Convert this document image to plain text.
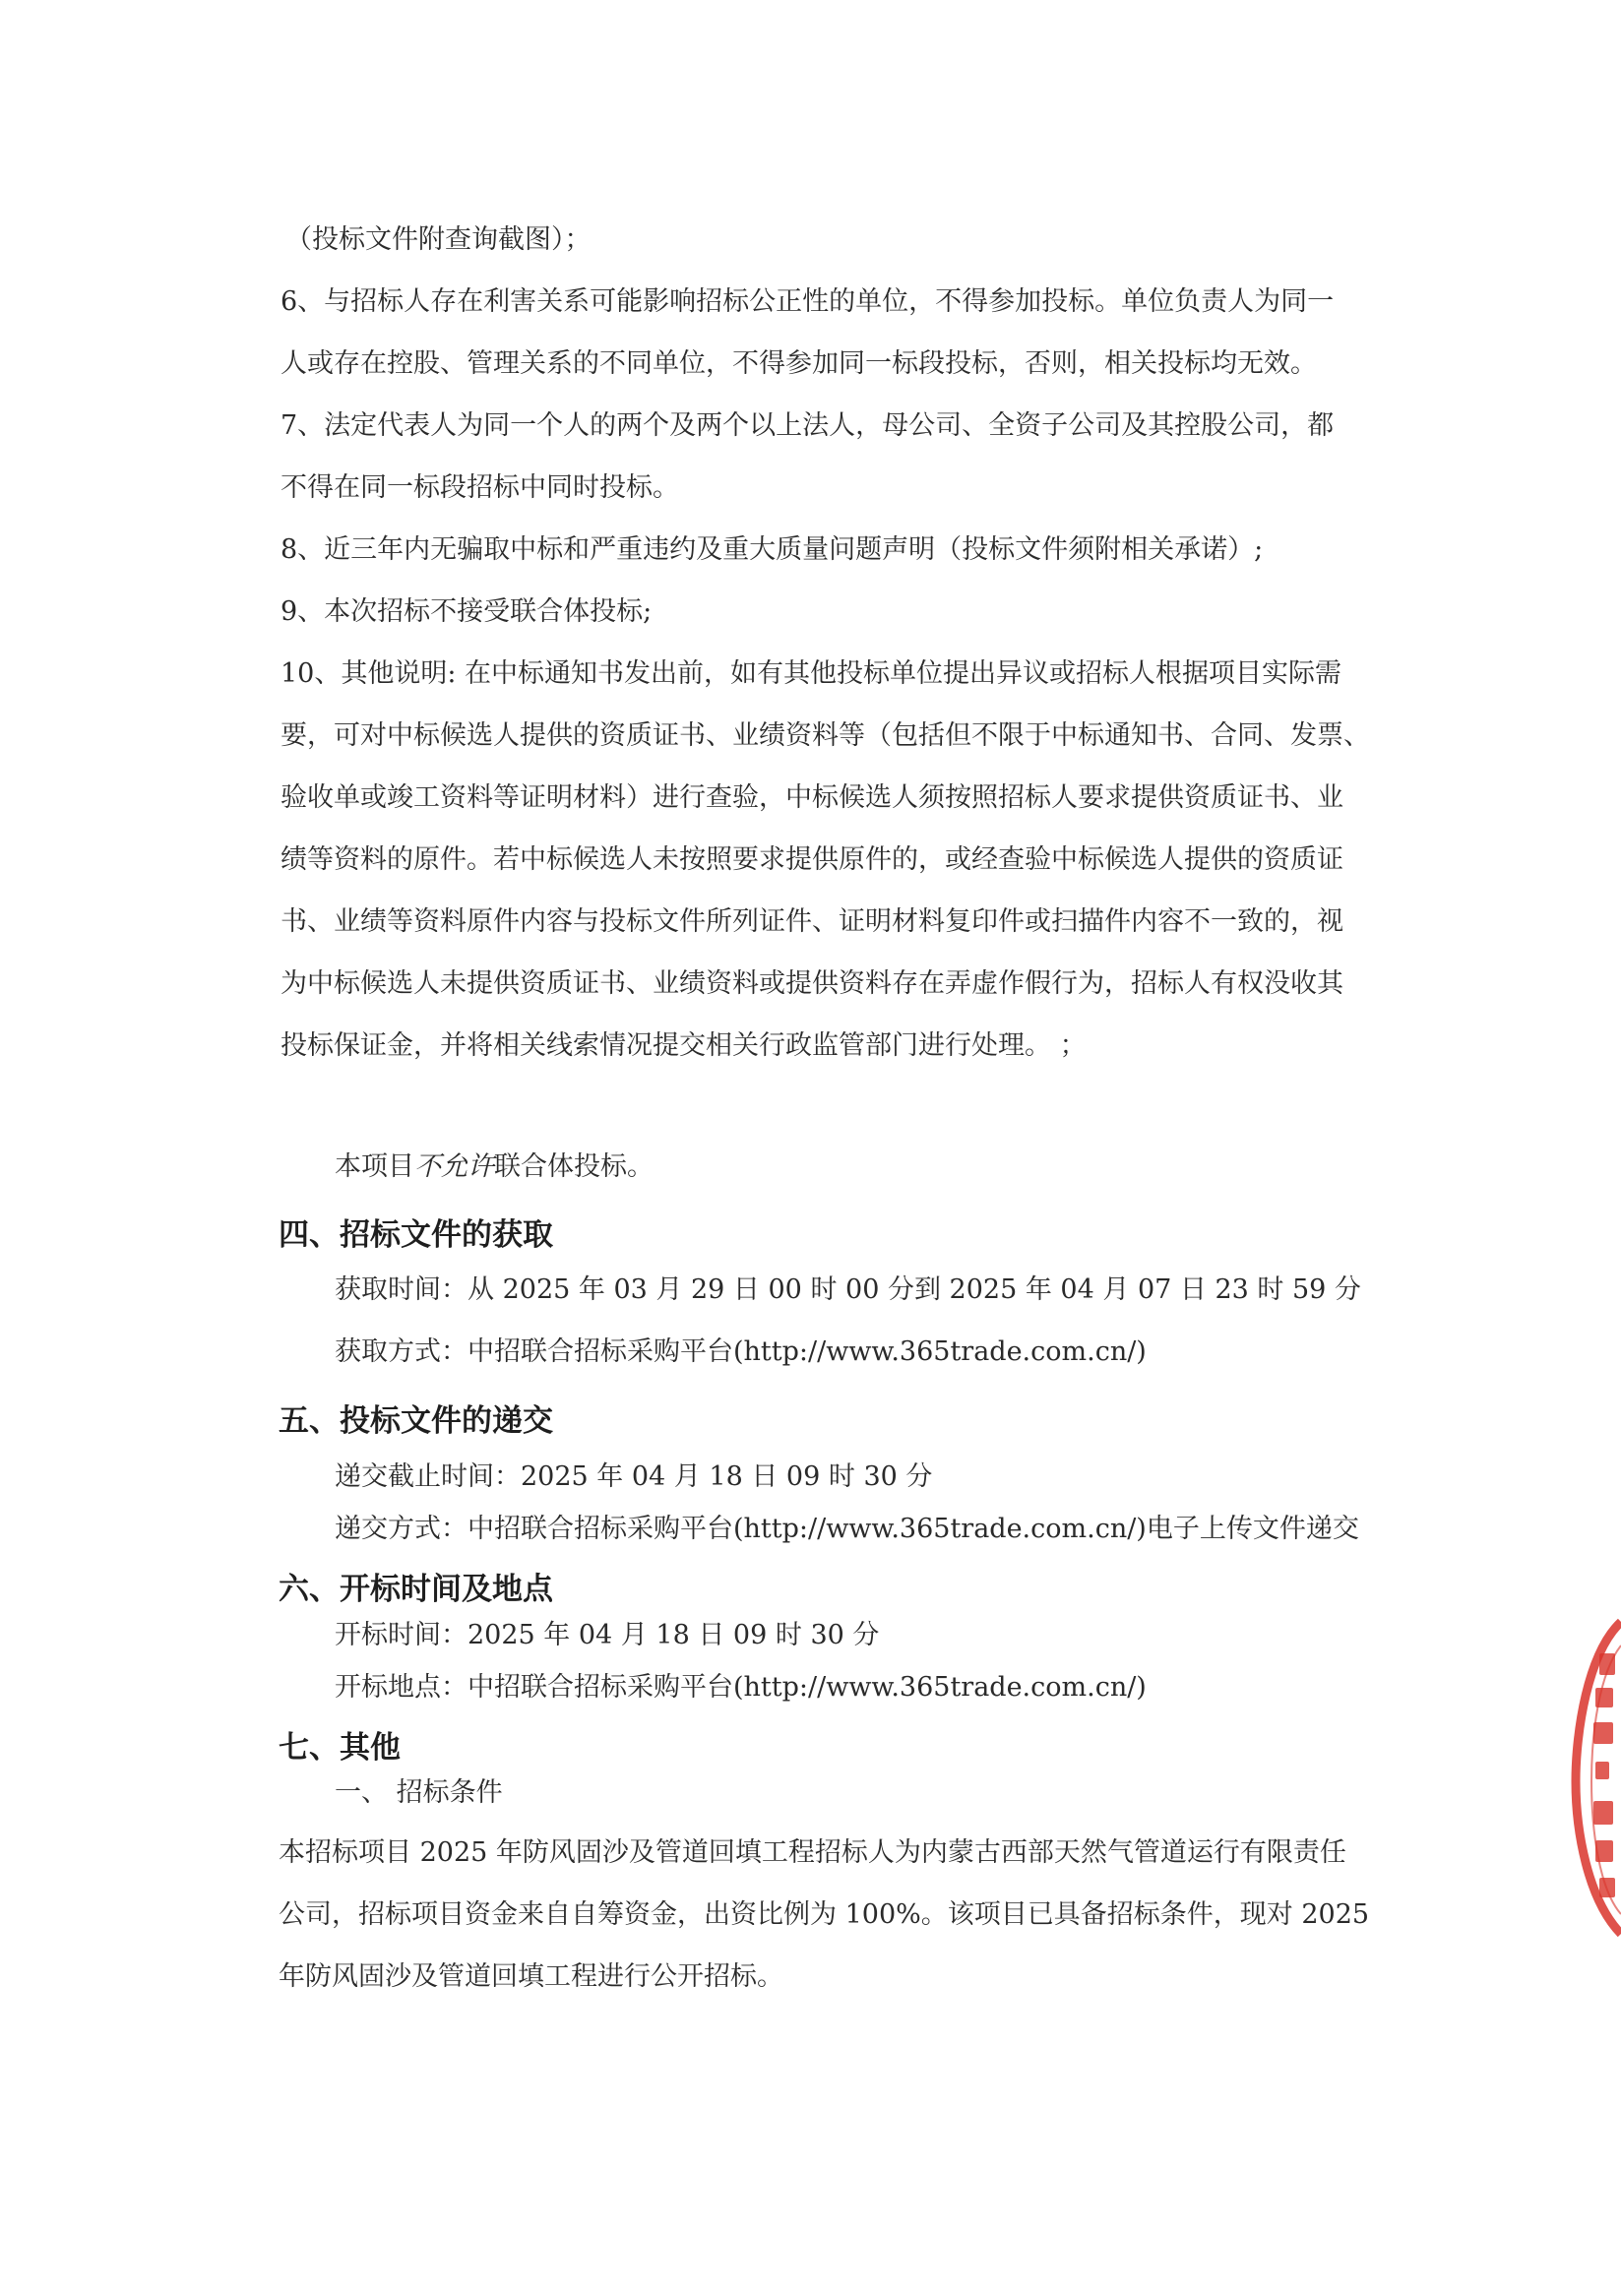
（投标文件附查询截图）；
6、与招标人存在利害关系可能影响招标公正性的单位，不得参加投标。单位负责人为同一
人或存在控股、管理关系的不同单位，不得参加同一标段投标，否则，相关投标均无效。
7、法定代表人为同一个人的两个及两个以上法人，母公司、全资子公司及其控股公司，都
不得在同一标段招标中同时投标。
8、近三年内无骗取中标和严重违约及重大质量问题声明（投标文件须附相关承诺）;
9、本次招标不接受联合体投标;
10、其他说明: 在中标通知书发出前，如有其他投标单位提出异议或招标人根据项目实际需
要，可对中标候选人提供的资质证书、业绩资料等（包括但不限于中标通知书、合同、发票、
验收单或竣工资料等证明材料）进行查验，中标候选人须按照招标人要求提供资质证书、业
绩等资料的原件。若中标候选人未按照要求提供原件的，或经查验中标候选人提供的资质证
书、业绩等资料原件内容与投标文件所列证件、证明材料复印件或扫描件内容不一致的，视
为中标候选人未提供资质证书、业绩资料或提供资料存在弄虚作假行为，招标人有权没收其
投标保证金，并将相关线索情况提交相关行政监管部门进行处理。 ；
本项目不允许联合体投标。
四、招标文件的获取
获取时间：从 2025 年 03 月 29 日 00 时 00 分到 2025 年 04 月 07 日 23 时 59 分
获取方式：中招联合招标采购平台(http://www.365trade.com.cn/)
五、投标文件的递交
递交截止时间：2025 年 04 月 18 日 09 时 30 分
递交方式：中招联合招标采购平台(http://www.365trade.com.cn/)电子上传文件递交
六、开标时间及地点
开标时间：2025 年 04 月 18 日 09 时 30 分
开标地点：中招联合招标采购平台(http://www.365trade.com.cn/)
七、其他
一、 招标条件
本招标项目 2025 年防风固沙及管道回填工程招标人为内蒙古西部天然气管道运行有限责任
公司，招标项目资金来自自筹资金，出资比例为 100%。该项目已具备招标条件，现对 2025
年防风固沙及管道回填工程进行公开招标。
